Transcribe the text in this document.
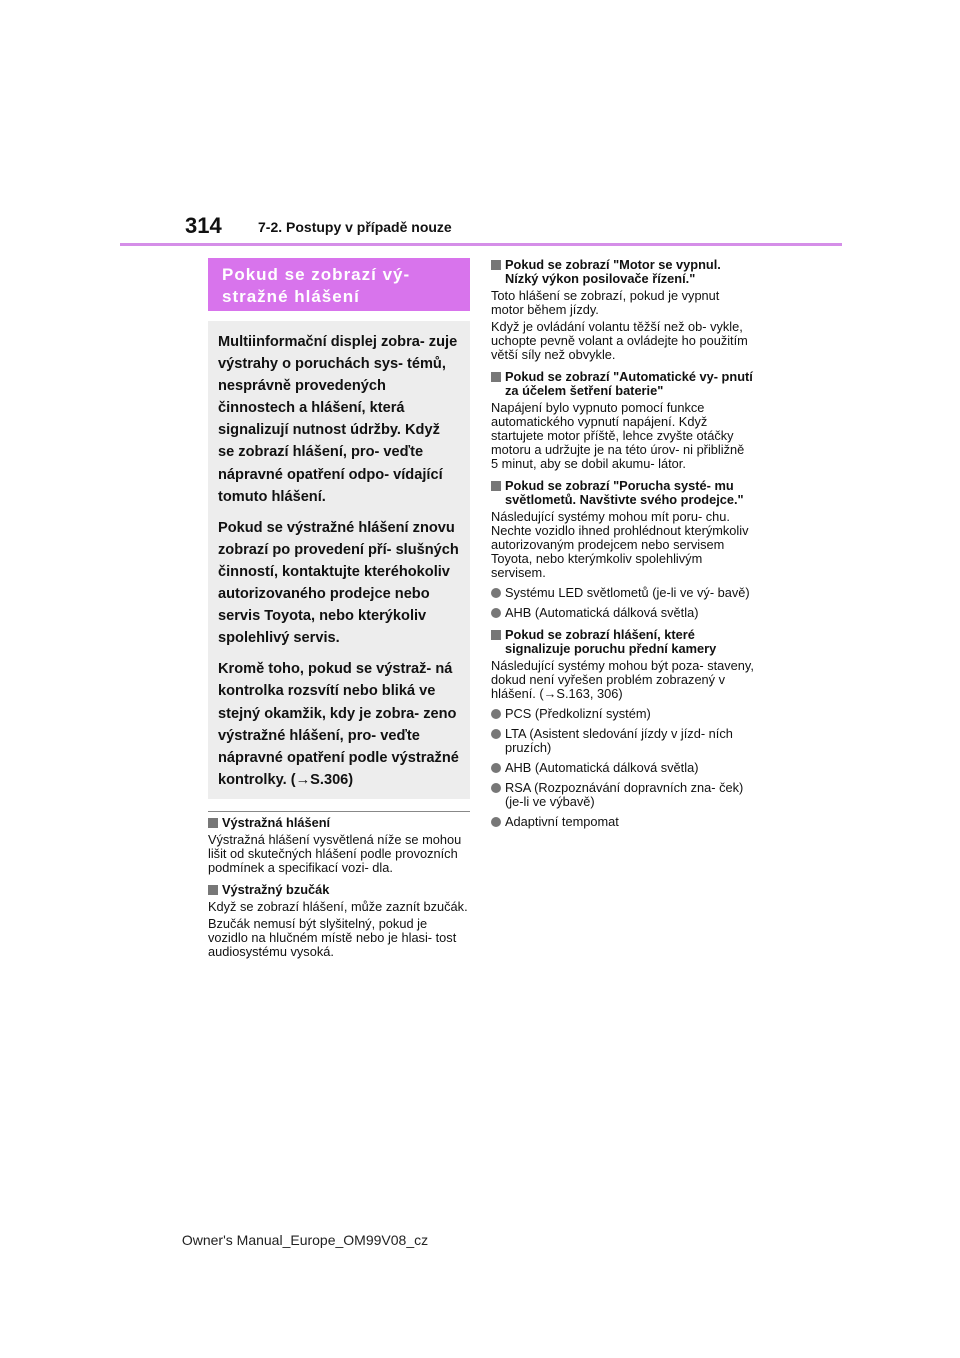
314	7-2. Postupy v případě nouze
Pokud se zobrazí vý-
stražné hlášení

Multiinformační displej zobra- zuje výstrahy o poruchách sys- témů, nesprávně provedených činnostech a hlášení, která signalizují nutnost údržby. Když se zobrazí hlášení, pro- veďte nápravné opatření odpo- vídající tomuto hlášení.

Pokud se výstražné hlášení znovu zobrazí po provedení pří- slušných činností, kontaktujte kteréhokoliv autorizovaného prodejce nebo servis Toyota, nebo kterýkoliv spolehlivý servis.

Kromě toho, pokud se výstraž- ná kontrolka rozsvítí nebo bliká ve stejný okamžik, kdy je zobra- zeno výstražné hlášení, pro- veďte nápravné opatření podle výstražné kontrolky. (→S.306)

Výstražná hlášení

Výstražná hlášení vysvětlená níže se mohou lišit od skutečných hlášení podle provozních podmínek a specifikací vozi- dla.

Výstražný bzučák

Když se zobrazí hlášení, může zaznít bzučák.

Bzučák nemusí být slyšitelný, pokud je vozidlo na hlučném místě nebo je hlasi- tost audiosystému vysoká.

Pokud se zobrazí "Motor se vypnul. Nízký výkon posilovače řízení."

Toto hlášení se zobrazí, pokud je vypnut motor během jízdy.

Když je ovládání volantu těžší než ob- vykle, uchopte pevně volant a ovládejte ho použitím větší síly než obvykle.

Pokud se zobrazí "Automatické vy- pnutí za účelem šetření baterie"

Napájení bylo vypnuto pomocí funkce automatického vypnutí napájení. Když startujete motor příště, lehce zvyšte otáčky motoru a udržujte je na této úrov- ni přibližně 5 minut, aby se dobil akumu- látor.

Pokud se zobrazí "Porucha systé- mu světlometů. Navštivte svého prodejce."

Následující systémy mohou mít poru- chu. Nechte vozidlo ihned prohlédnout kterýmkoliv autorizovaným prodejcem nebo servisem Toyota, nebo kterýmkoliv spolehlivým servisem.

Systému LED světlometů (je-li ve vý- bavě)

AHB (Automatická dálková světla)

Pokud se zobrazí hlášení, které signalizuje poruchu přední kamery

Následující systémy mohou být poza- staveny, dokud není vyřešen problém zobrazený v hlášení. (→S.163, 306)

PCS (Předkolizní systém)

LTA (Asistent sledování jízdy v jízd- ních pruzích)

AHB (Automatická dálková světla)

RSA (Rozpoznávání dopravních zna- ček) (je-li ve výbavě)

Adaptivní tempomat

Owner's Manual_Europe_OM99V08_cz
